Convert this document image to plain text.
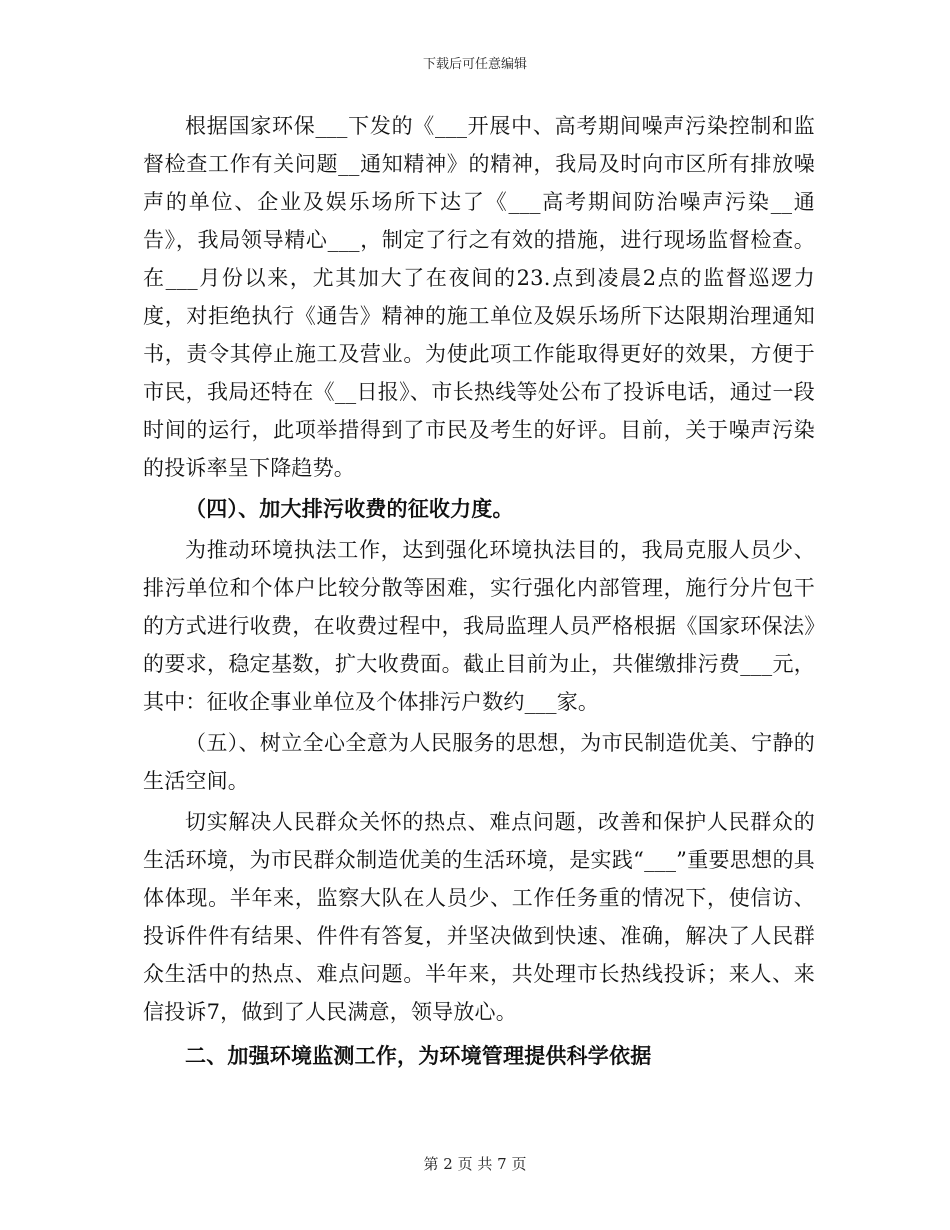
下载后可任意编辑

根据国家环保___下发的《___开展中、高考期间噪声污染控制和监督检查工作有关问题__通知精神》的精神，我局及时向市区所有排放噪声的单位、企业及娱乐场所下达了《___高考期间防治噪声污染__通告》，我局领导精心___，制定了行之有效的措施，进行现场监督检查。在___月份以来，尤其加大了在夜间的23.点到凌晨2点的监督巡逻力度，对拒绝执行《通告》精神的施工单位及娱乐场所下达限期治理通知书，责令其停止施工及营业。为使此项工作能取得更好的效果，方便于市民，我局还特在《__日报》、市长热线等处公布了投诉电话，通过一段时间的运行，此项举措得到了市民及考生的好评。目前，关于噪声污染的投诉率呈下降趋势。

（四）、加大排污收费的征收力度。

为推动环境执法工作，达到强化环境执法目的，我局克服人员少、排污单位和个体户比较分散等困难，实行强化内部管理，施行分片包干的方式进行收费，在收费过程中，我局监理人员严格根据《国家环保法》的要求，稳定基数，扩大收费面。截止目前为止，共催缴排污费___元，其中：征收企事业单位及个体排污户数约___家。

（五）、树立全心全意为人民服务的思想，为市民制造优美、宁静的生活空间。

切实解决人民群众关怀的热点、难点问题，改善和保护人民群众的生活环境，为市民群众制造优美的生活环境，是实践“___”重要思想的具体体现。半年来，监察大队在人员少、工作任务重的情况下，使信访、投诉件件有结果、件件有答复，并坚决做到快速、准确，解决了人民群众生活中的热点、难点问题。半年来，共处理市长热线投诉；来人、来信投诉7，做到了人民满意，领导放心。

二、加强环境监测工作，为环境管理提供科学依据

第 2 页 共 7 页
